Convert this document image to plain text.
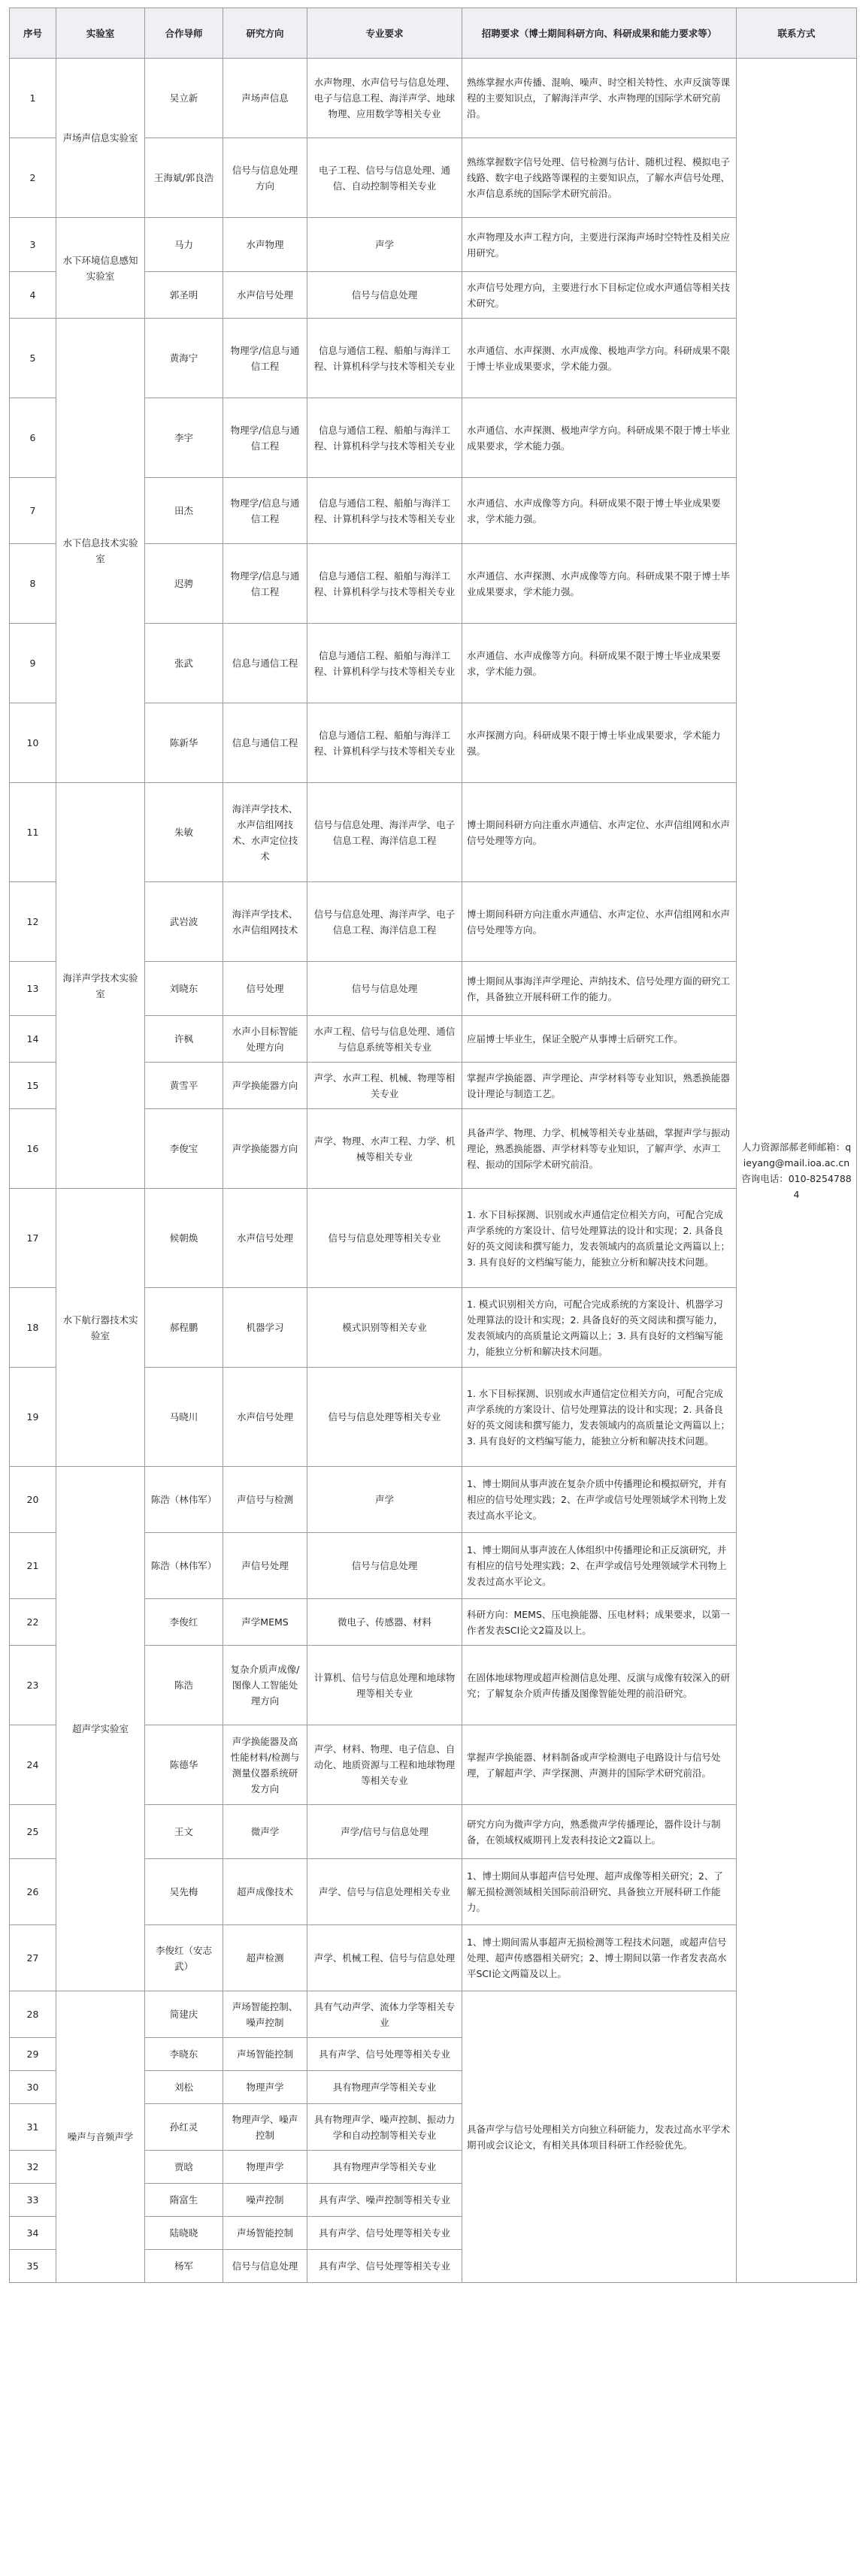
序号	实验室	合作导师	研究方向	专业要求	招聘要求（博士期间科研方向、科研成果和能力要求等）	联系方式
1	声场声信息实验室	吴立新	声场声信息	水声物理、水声信号与信息处理、电子与信息工程、海洋声学、地球物理、应用数学等相关专业	熟练掌握水声传播、混响、噪声、时空相关特性、水声反演等课程的主要知识点，了解海洋声学、水声物理的国际学术研究前沿。	人力资源部郝老师邮箱：qieyang@mail.ioa.ac.cn咨询电话：010-82547884
2		王海斌/郭良浩	信号与信息处理方向	电子工程、信号与信息处理、通信、自动控制等相关专业	熟练掌握数字信号处理、信号检测与估计、随机过程、模拟电子线路、数字电子线路等课程的主要知识点，了解水声信号处理、水声信息系统的国际学术研究前沿。	
3	水下环境信息感知实验室	马力	水声物理	声学	水声物理及水声工程方向，主要进行深海声场时空特性及相关应用研究。	
4		郭圣明	水声信号处理	信号与信息处理	水声信号处理方向，主要进行水下目标定位或水声通信等相关技术研究。	
5	水下信息技术实验室	黄海宁	物理学/信息与通信工程	信息与通信工程、船舶与海洋工程、计算机科学与技术等相关专业	水声通信、水声探测、水声成像、极地声学方向。科研成果不限于博士毕业成果要求，学术能力强。	
6		李宇	物理学/信息与通信工程	信息与通信工程、船舶与海洋工程、计算机科学与技术等相关专业	水声通信、水声探测、极地声学方向。科研成果不限于博士毕业成果要求，学术能力强。	
7		田杰	物理学/信息与通信工程	信息与通信工程、船舶与海洋工程、计算机科学与技术等相关专业	水声通信、水声成像等方向。科研成果不限于博士毕业成果要求，学术能力强。	
8		迟骋	物理学/信息与通信工程	信息与通信工程、船舶与海洋工程、计算机科学与技术等相关专业	水声通信、水声探测、水声成像等方向。科研成果不限于博士毕业成果要求，学术能力强。	
9		张武	信息与通信工程	信息与通信工程、船舶与海洋工程、计算机科学与技术等相关专业	水声通信、水声成像等方向。科研成果不限于博士毕业成果要求，学术能力强。	
10		陈新华	信息与通信工程	信息与通信工程、船舶与海洋工程、计算机科学与技术等相关专业	水声探测方向。科研成果不限于博士毕业成果要求，学术能力强。	
11	海洋声学技术实验室	朱敏	海洋声学技术、水声信组网技术、水声定位技术	信号与信息处理、海洋声学、电子信息工程、海洋信息工程	博士期间科研方向注重水声通信、水声定位、水声信组网和水声信号处理等方向。	
12		武岩波	海洋声学技术、水声信组网技术	信号与信息处理、海洋声学、电子信息工程、海洋信息工程	博士期间科研方向注重水声通信、水声定位、水声信组网和水声信号处理等方向。	
13		刘晓东	信号处理	信号与信息处理	博士期间从事海洋声学理论、声纳技术、信号处理方面的研究工作，具备独立开展科研工作的能力。	
14		许枫	水声小目标智能处理方向	水声工程、信号与信息处理、通信与信息系统等相关专业	应届博士毕业生，保证全脱产从事博士后研究工作。	
15		黄雪平	声学换能器方向	声学、水声工程、机械、物理等相关专业	掌握声学换能器、声学理论、声学材料等专业知识，熟悉换能器设计理论与制造工艺。	
16		李俊宝	声学换能器方向	声学、物理、水声工程、力学、机械等相关专业	具备声学、物理、力学、机械等相关专业基础，掌握声学与振动理论，熟悉换能器、声学材料等专业知识，了解声学、水声工程、振动的国际学术研究前沿。	
17	水下航行器技术实验室	候朝焕	水声信号处理	信号与信息处理等相关专业	1. 水下目标探测、识别或水声通信定位相关方向，可配合完成声学系统的方案设计、信号处理算法的设计和实现；2. 具备良好的英文阅读和撰写能力，发表领域内的高质量论文两篇以上；3. 具有良好的文档编写能力，能独立分析和解决技术问题。	
18		郝程鹏	机器学习	模式识别等相关专业	1. 模式识别相关方向，可配合完成系统的方案设计、机器学习处理算法的设计和实现；2. 具备良好的英文阅读和撰写能力，发表领域内的高质量论文两篇以上；3. 具有良好的文档编写能力，能独立分析和解决技术问题。	
19		马晓川	水声信号处理	信号与信息处理等相关专业	1. 水下目标探测、识别或水声通信定位相关方向，可配合完成声学系统的方案设计、信号处理算法的设计和实现；2. 具备良好的英文阅读和撰写能力，发表领域内的高质量论文两篇以上；3. 具有良好的文档编写能力，能独立分析和解决技术问题。	
20	超声学实验室	陈浩（林伟军）	声信号与检测	声学	1、博士期间从事声波在复杂介质中传播理论和模拟研究，并有相应的信号处理实践；2、在声学或信号处理领域学术刊物上发表过高水平论文。	
21		陈浩（林伟军）	声信号处理	信号与信息处理	1、博士期间从事声波在人体组织中传播理论和正反演研究，并有相应的信号处理实践；2、在声学或信号处理领域学术刊物上发表过高水平论文。	
22		李俊红	声学MEMS	微电子、传感器、材料	科研方向：MEMS、压电换能器、压电材料；成果要求，以第一作者发表SCI论文2篇及以上。	
23		陈浩	复杂介质声成像/图像人工智能处理方向	计算机、信号与信息处理和地球物理等相关专业	在固体地球物理或超声检测信息处理、反演与成像有较深入的研究；了解复杂介质声传播及图像智能处理的前沿研究。	
24		陈德华	声学换能器及高性能材料/检测与测量仪器系统研发方向	声学、材料、物理、电子信息、自动化、地质资源与工程和地球物理等相关专业	掌握声学换能器、材料制备或声学检测电子电路设计与信号处理，了解超声学、声学探测、声测井的国际学术研究前沿。	
25		王文	微声学	声学/信号与信息处理	研究方向为微声学方向，熟悉微声学传播理论，器件设计与制备，在领域权威期刊上发表科技论文2篇以上。	
26		吴先梅	超声成像技术	声学、信号与信息处理相关专业	1、博士期间从事超声信号处理、超声成像等相关研究；2、了解无损检测领域相关国际前沿研究、具备独立开展科研工作能力。	
27		李俊红（安志武）	超声检测	声学、机械工程、信号与信息处理	1、博士期间需从事超声无损检测等工程技术问题，或超声信号处理、超声传感器相关研究；2、博士期间以第一作者发表高水平SCI论文两篇及以上。	
28	噪声与音频声学	简建庆	声场智能控制、噪声控制	具有气动声学、流体力学等相关专业	具备声学与信号处理相关方向独立科研能力，发表过高水平学术期刊或会议论文，有相关具体项目科研工作经验优先。	
29		李晓东	声场智能控制	具有声学、信号处理等相关专业		
30		刘松	物理声学	具有物理声学等相关专业		
31		孙红灵	物理声学、噪声控制	具有物理声学、噪声控制、振动力学和自动控制等相关专业		
32		贾晗	物理声学	具有物理声学等相关专业		
33		隋富生	噪声控制	具有声学、噪声控制等相关专业		
34		陆晓晓	声场智能控制	具有声学、信号处理等相关专业		
35		杨军	信号与信息处理	具有声学、信号处理等相关专业		
